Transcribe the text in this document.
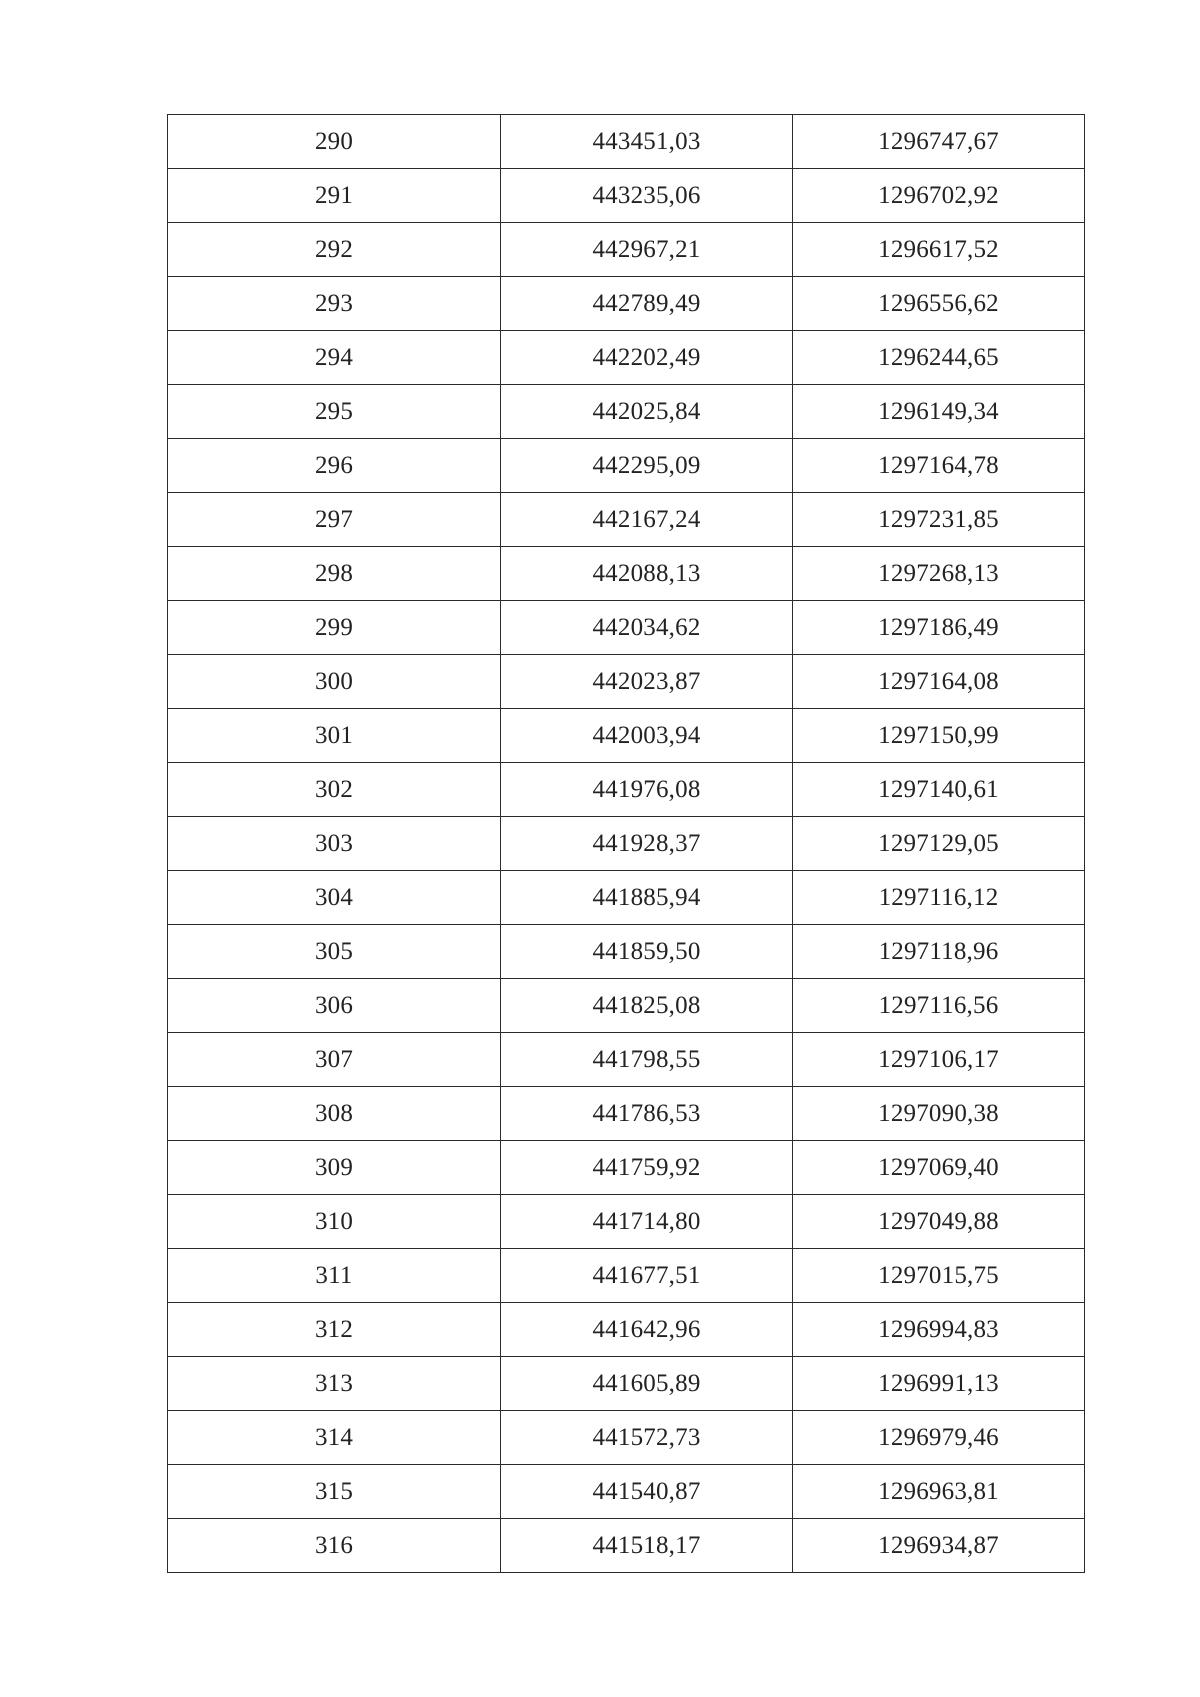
290	443451,03	1296747,67
291	443235,06	1296702,92
292	442967,21	1296617,52
293	442789,49	1296556,62
294	442202,49	1296244,65
295	442025,84	1296149,34
296	442295,09	1297164,78
297	442167,24	1297231,85
298	442088,13	1297268,13
299	442034,62	1297186,49
300	442023,87	1297164,08
301	442003,94	1297150,99
302	441976,08	1297140,61
303	441928,37	1297129,05
304	441885,94	1297116,12
305	441859,50	1297118,96
306	441825,08	1297116,56
307	441798,55	1297106,17
308	441786,53	1297090,38
309	441759,92	1297069,40
310	441714,80	1297049,88
311	441677,51	1297015,75
312	441642,96	1296994,83
313	441605,89	1296991,13
314	441572,73	1296979,46
315	441540,87	1296963,81
316	441518,17	1296934,87
